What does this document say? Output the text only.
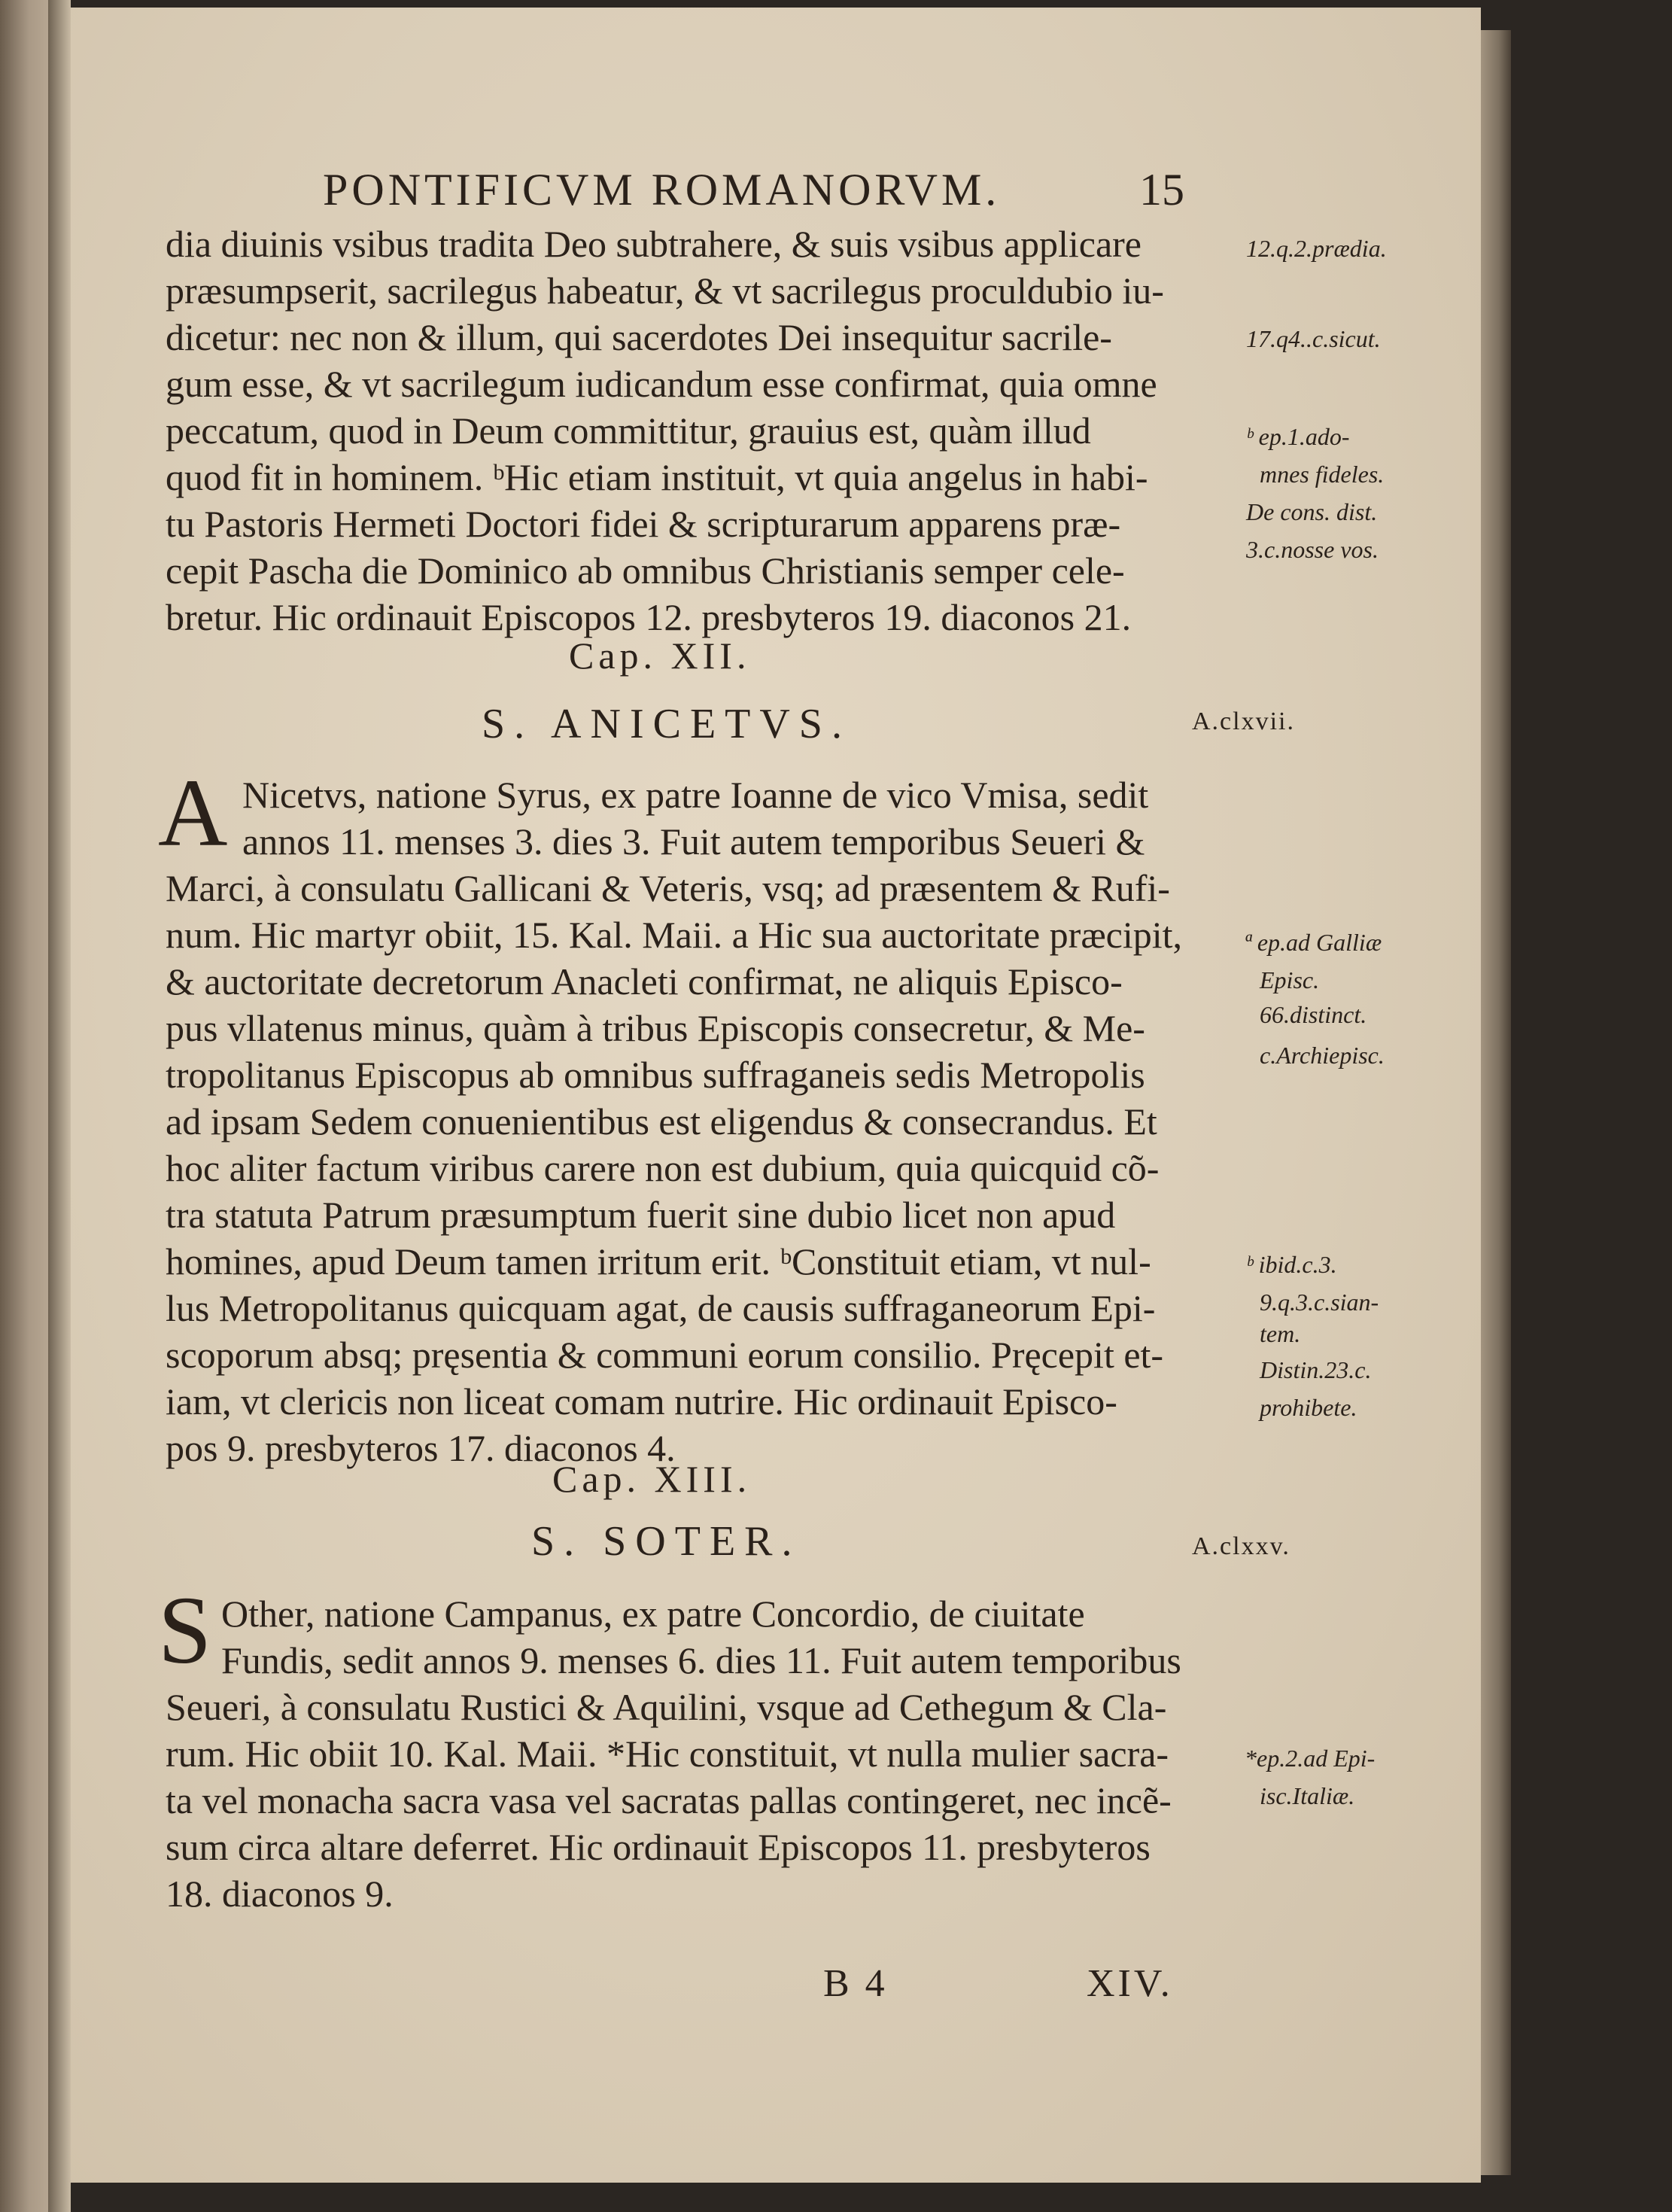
PONTIFICVM ROMANORVM.	15
dia diuinis vsibus tradita Deo subtrahere, & suis vsibus applicare
præsumpserit, sacrilegus habeatur, & vt sacrilegus proculdubio iu-
dicetur: nec non & illum, qui sacerdotes Dei insequitur sacrile-
gum esse, & vt sacrilegum iudicandum esse confirmat, quia omne
peccatum, quod in Deum committitur, grauius est, quàm illud
quod fit in hominem. ᵇHic etiam instituit, vt quia angelus in habi-
tu Pastoris Hermeti Doctori fidei & scripturarum apparens præ-
cepit Pascha die Dominico ab omnibus Christianis semper cele-
bretur. Hic ordinauit Episcopos 12. presbyteros 19. diaconos 21.
12.q.2.prædia.
17.q4..c.sicut.
ᵇ ep.1.ado-
mnes fideles.
De cons. dist.
3.c.nosse vos.
Cap. XII.
S. ANICETVS.	A.clxvii.
A Nicetvs, natione Syrus, ex patre Ioanne de vico Vmisa, sedit
annos 11. menses 3. dies 3. Fuit autem temporibus Seueri &
Marci, à consulatu Gallicani & Veteris, vsq; ad præsentem & Rufi-
num. Hic martyr obiit, 15. Kal. Maii. a Hic sua auctoritate præcipit,
& auctoritate decretorum Anacleti confirmat, ne aliquis Episco-
pus vllatenus minus, quàm à tribus Episcopis consecretur, & Me-
tropolitanus Episcopus ab omnibus suffraganeis sedis Metropolis
ad ipsam Sedem conuenientibus est eligendus & consecrandus. Et
hoc aliter factum viribus carere non est dubium, quia quicquid cõ-
tra statuta Patrum præsumptum fuerit sine dubio licet non apud
homines, apud Deum tamen irritum erit. ᵇConstituit etiam, vt nul-
lus Metropolitanus quicquam agat, de causis suffraganeorum Epi-
scoporum absq; pręsentia & communi eorum consilio. Pręcepit et-
iam, vt clericis non liceat comam nutrire. Hic ordinauit Episco-
pos 9. presbyteros 17. diaconos 4.
ª ep.ad Galliæ
Episc.
66.distinct.
c.Archiepisc.
ᵇ ibid.c.3.
9.q.3.c.sian-
tem.
Distin.23.c.
prohibete.
Cap. XIII.
S. SOTER.	A.clxxv.
S Other, natione Campanus, ex patre Concordio, de ciuitate
Fundis, sedit annos 9. menses 6. dies 11. Fuit autem temporibus
Seueri, à consulatu Rustici & Aquilini, vsque ad Cethegum & Cla-
rum. Hic obiit 10. Kal. Maii. *Hic constituit, vt nulla mulier sacra-
ta vel monacha sacra vasa vel sacratas pallas contingeret, nec incẽ-
sum circa altare deferret. Hic ordinauit Episcopos 11. presbyteros
18. diaconos 9.
*ep.2.ad Epi-
isc.Italiæ.
B 4	XIV.
